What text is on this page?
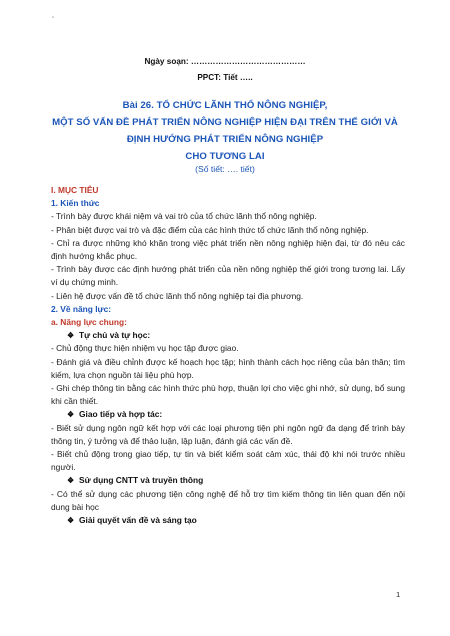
"
Ngày soạn: ……………………………………
PPCT: Tiết …..
Bài 26. TỔ CHỨC LÃNH THỔ NÔNG NGHIỆP,
MỘT SỐ VẤN ĐỀ PHÁT TRIỂN NÔNG NGHIỆP HIỆN ĐẠI TRÊN THẾ GIỚI VÀ
ĐỊNH HƯỚNG PHÁT TRIỂN NÔNG NGHIỆP
CHO TƯƠNG LAI
(Số tiết: …. tiết)
I. MỤC TIÊU
1. Kiến thức
- Trình bày được khái niệm và vai trò của tổ chức lãnh thổ nông nghiệp.
- Phân biệt được vai trò và đặc điểm của các hình thức tổ chức lãnh thổ nông nghiệp.
- Chỉ ra được những khó khăn trong việc phát triển nền nông nghiệp hiện đại, từ đó nêu các định hướng khắc phục.
- Trình bày được các định hướng phát triển của nền nông nghiệp thế giới trong tương lai. Lấy ví dụ chứng minh.
- Liên hệ được vấn đề tổ chức lãnh thổ nông nghiệp tại địa phương.
2. Về năng lực:
a. Năng lực chung:
❖ Tự chủ và tự học:
- Chủ động thực hiện nhiệm vụ học tập được giao.
- Đánh giá và điều chỉnh được kế hoạch học tập; hình thành cách học riêng của bản thân; tìm kiếm, lựa chọn nguồn tài liệu phù hợp.
- Ghi chép thông tin bằng các hình thức phù hợp, thuận lợi cho việc ghi nhớ, sử dụng, bổ sung khi cần thiết.
❖ Giao tiếp và hợp tác:
- Biết sử dụng ngôn ngữ kết hợp với các loại phương tiện phi ngôn ngữ đa dạng để trình bày thông tin, ý tưởng và để thảo luận, lập luận, đánh giá các vấn đề.
- Biết chủ động trong giao tiếp, tự tin và biết kiểm soát cảm xúc, thái độ khi nói trước nhiều người.
❖ Sử dụng CNTT và truyền thông
- Có thể sử dụng các phương tiện công nghệ để hỗ trợ tìm kiếm thông tin liên quan đến nội dung bài học
❖ Giải quyết vấn đề và sáng tạo
1
